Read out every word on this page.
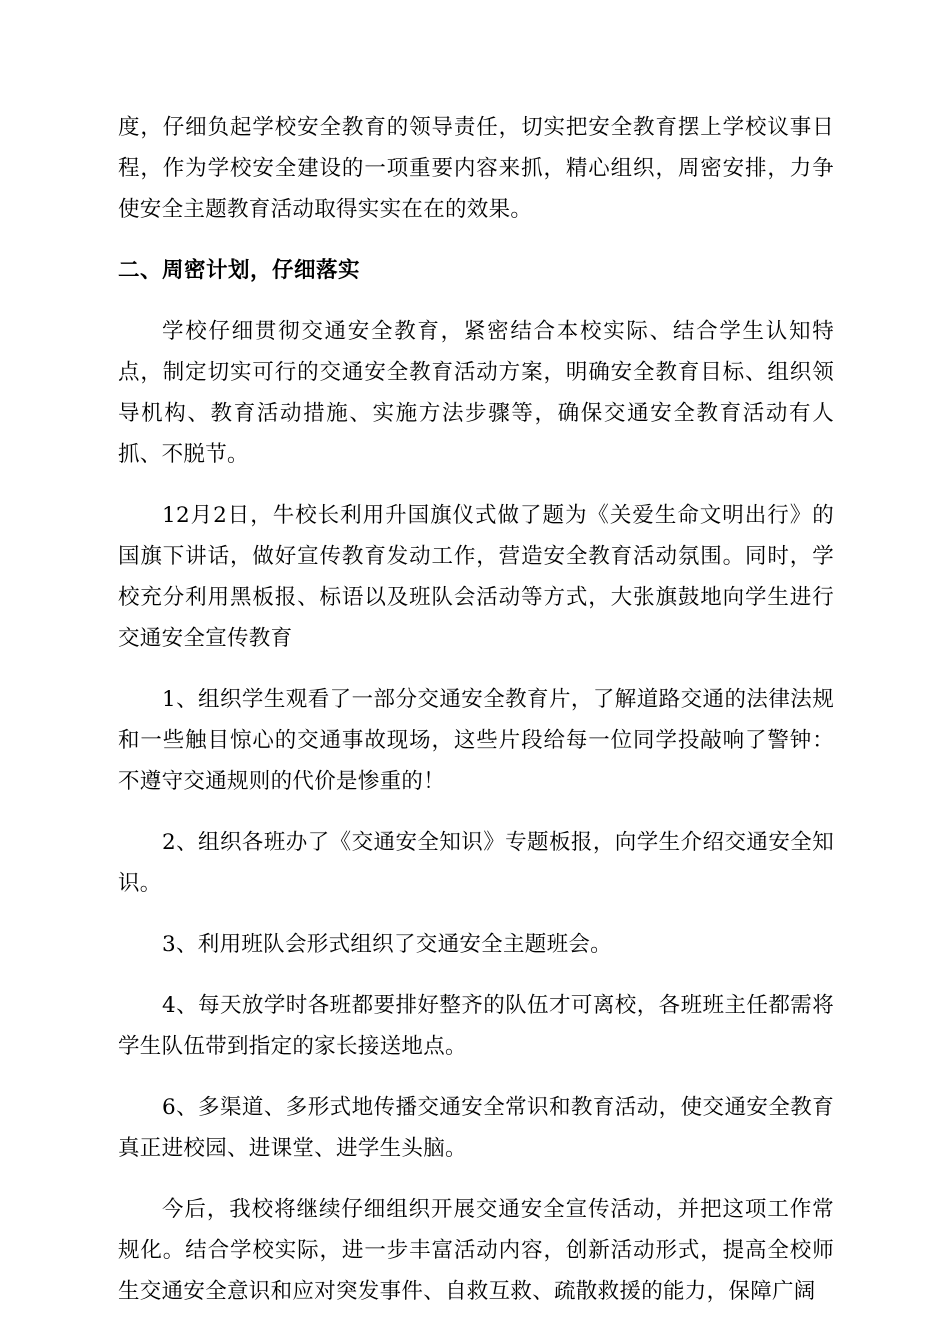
度，仔细负起学校安全教育的领导责任，切实把安全教育摆上学校议事日程，作为学校安全建设的一项重要内容来抓，精心组织，周密安排，力争使安全主题教育活动取得实实在在的效果。

二、周密计划，仔细落实

学校仔细贯彻交通安全教育，紧密结合本校实际、结合学生认知特点，制定切实可行的交通安全教育活动方案，明确安全教育目标、组织领导机构、教育活动措施、实施方法步骤等，确保交通安全教育活动有人抓、不脱节。

12月2日，牛校长利用升国旗仪式做了题为《关爱生命文明出行》的国旗下讲话，做好宣传教育发动工作，营造安全教育活动氛围。同时，学校充分利用黑板报、标语以及班队会活动等方式，大张旗鼓地向学生进行交通安全宣传教育

1、组织学生观看了一部分交通安全教育片，了解道路交通的法律法规和一些触目惊心的交通事故现场，这些片段给每一位同学投敲响了警钟：不遵守交通规则的代价是惨重的！

2、组织各班办了《交通安全知识》专题板报，向学生介绍交通安全知识。

3、利用班队会形式组织了交通安全主题班会。

4、每天放学时各班都要排好整齐的队伍才可离校，各班班主任都需将学生队伍带到指定的家长接送地点。

6、多渠道、多形式地传播交通安全常识和教育活动，使交通安全教育真正进校园、进课堂、进学生头脑。

今后，我校将继续仔细组织开展交通安全宣传活动，并把这项工作常规化。结合学校实际，进一步丰富活动内容，创新活动形式，提高全校师生交通安全意识和应对突发事件、自救互救、疏散救援的能力，保障广阔
